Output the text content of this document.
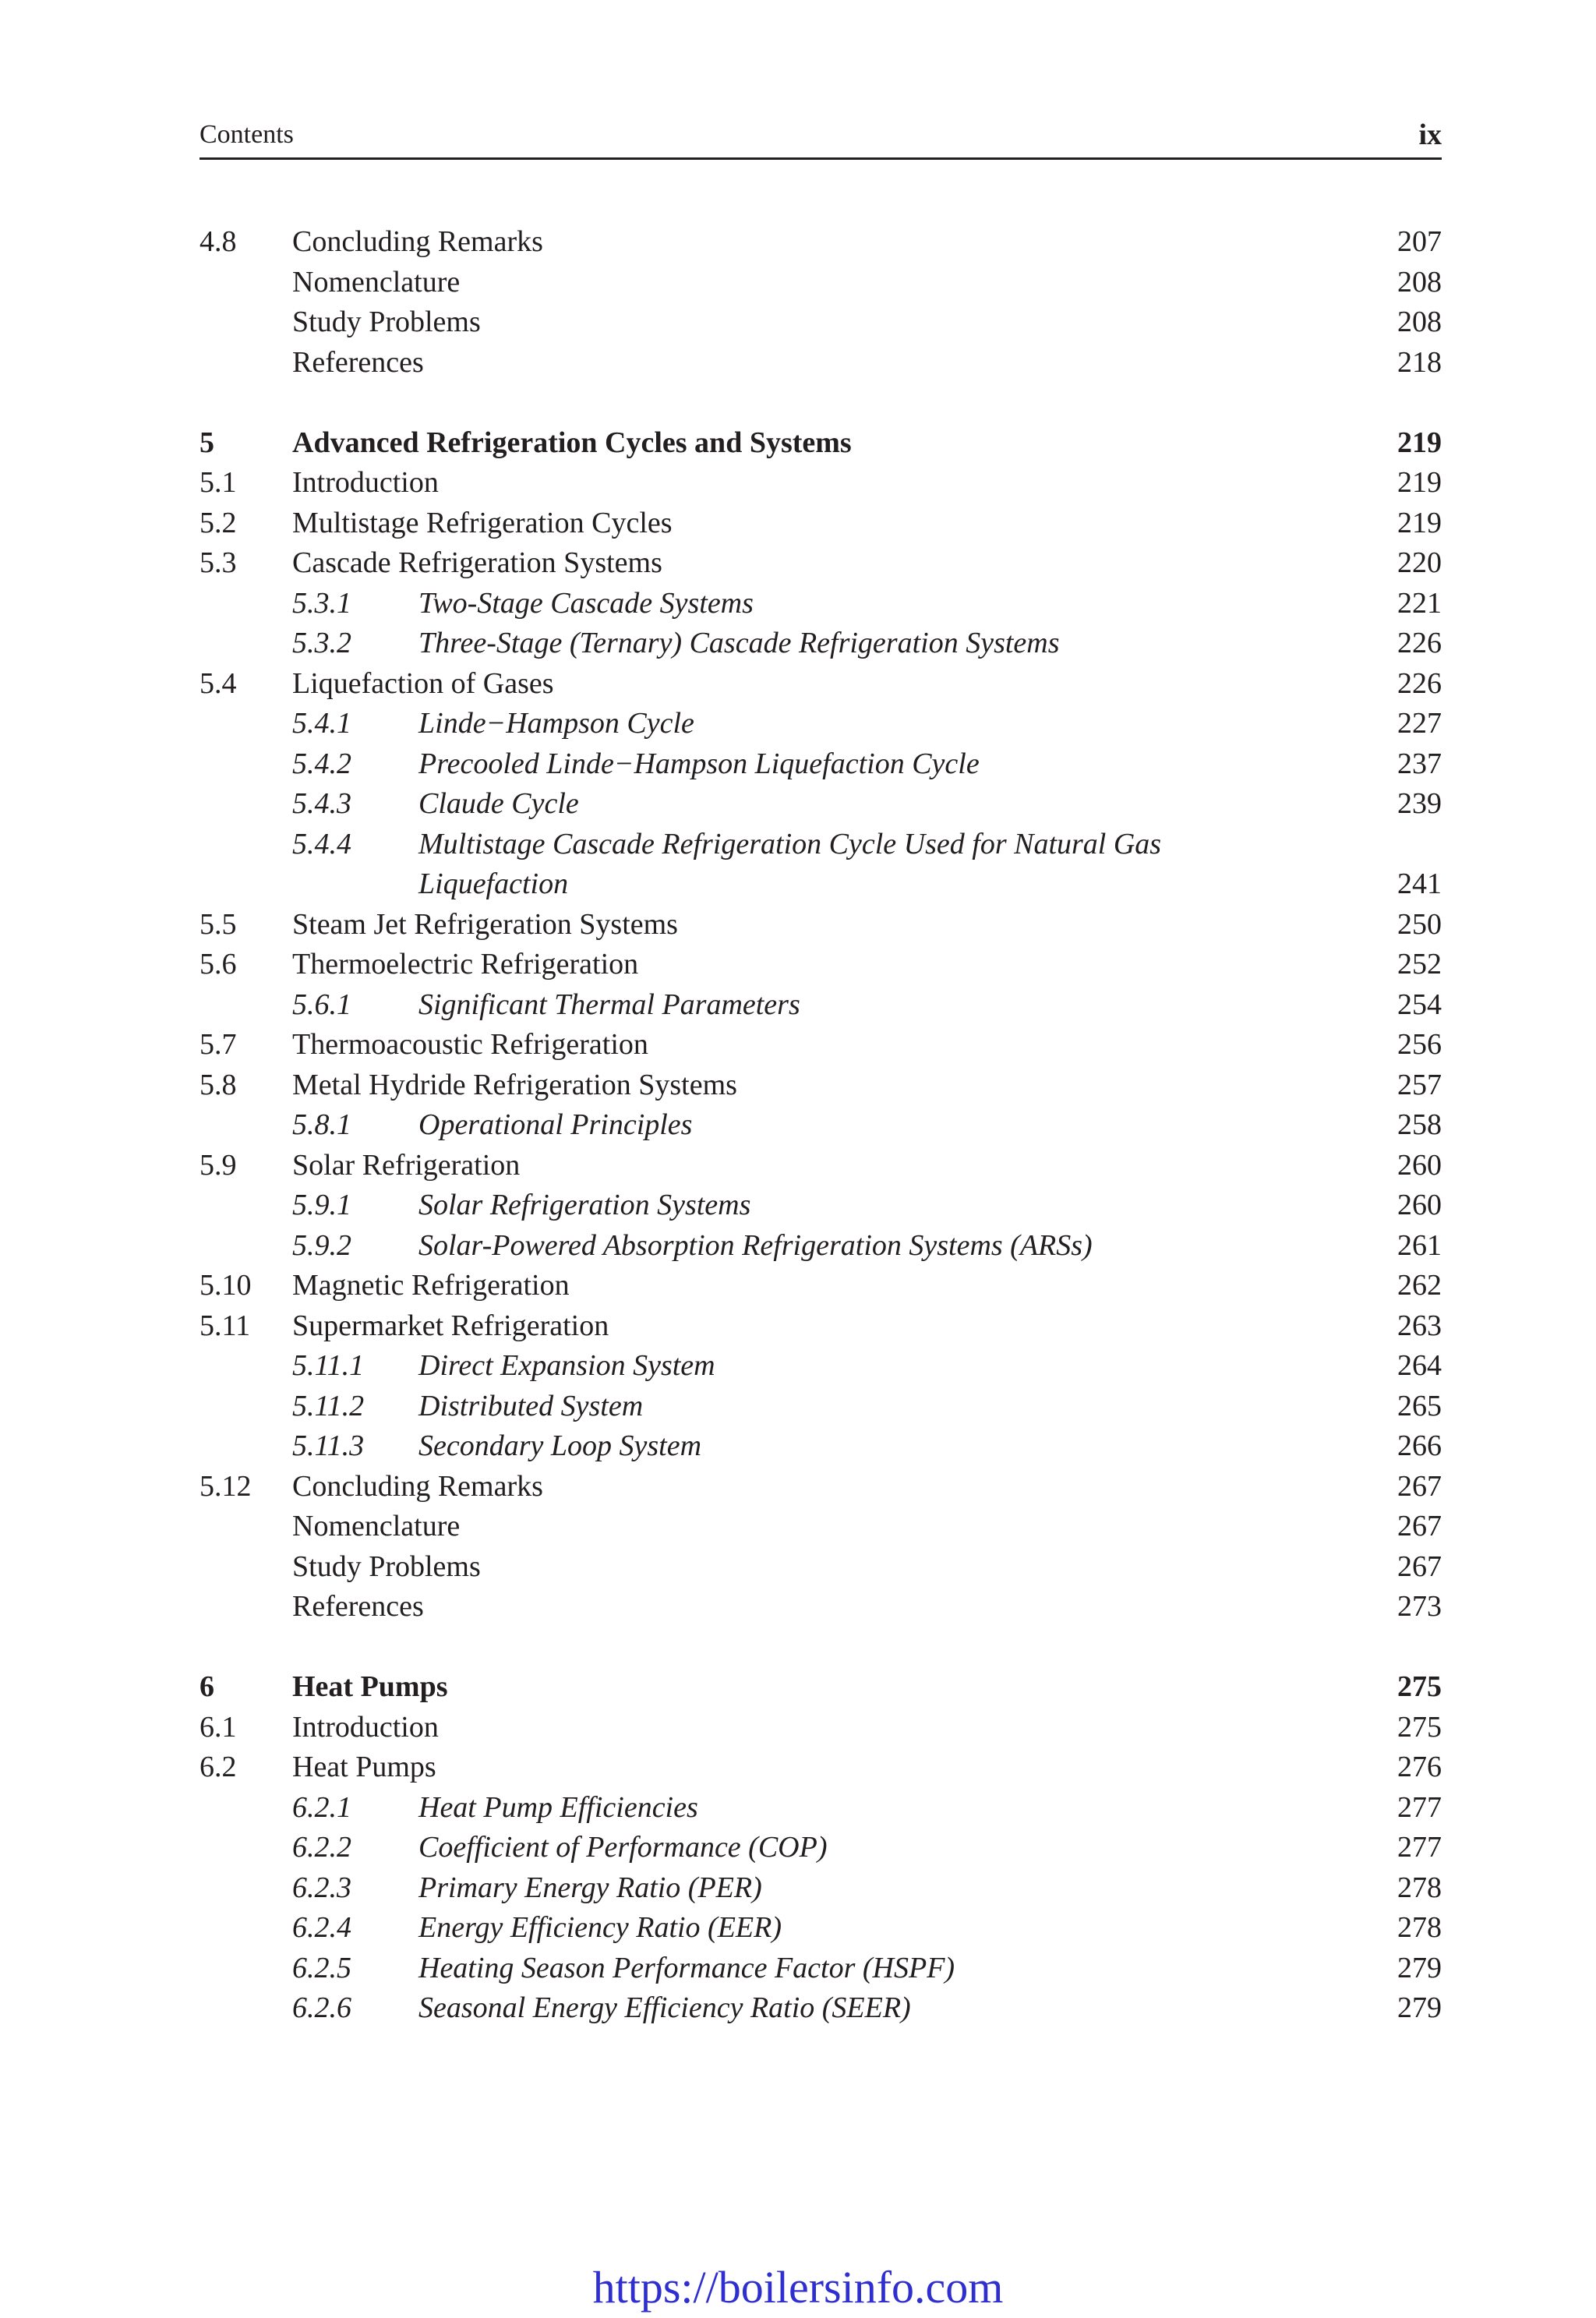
Contents	ix
4.8 Concluding Remarks	207
Nomenclature	208
Study Problems	208
References	218
5	Advanced Refrigeration Cycles and Systems	219
5.1 Introduction	219
5.2 Multistage Refrigeration Cycles	219
5.3 Cascade Refrigeration Systems	220
5.3.1 Two-Stage Cascade Systems	221
5.3.2 Three-Stage (Ternary) Cascade Refrigeration Systems	226
5.4 Liquefaction of Gases	226
5.4.1 Linde−Hampson Cycle	227
5.4.2 Precooled Linde−Hampson Liquefaction Cycle	237
5.4.3 Claude Cycle	239
5.4.4 Multistage Cascade Refrigeration Cycle Used for Natural Gas
Liquefaction	241
5.5 Steam Jet Refrigeration Systems	250
5.6 Thermoelectric Refrigeration	252
5.6.1 Significant Thermal Parameters	254
5.7 Thermoacoustic Refrigeration	256
5.8 Metal Hydride Refrigeration Systems	257
5.8.1 Operational Principles	258
5.9 Solar Refrigeration	260
5.9.1 Solar Refrigeration Systems	260
5.9.2 Solar-Powered Absorption Refrigeration Systems (ARSs)	261
5.10 Magnetic Refrigeration	262
5.11 Supermarket Refrigeration	263
5.11.1 Direct Expansion System	264
5.11.2 Distributed System	265
5.11.3 Secondary Loop System	266
5.12 Concluding Remarks	267
Nomenclature	267
Study Problems	267
References	273
6	Heat Pumps	275
6.1 Introduction	275
6.2 Heat Pumps	276
6.2.1 Heat Pump Efficiencies	277
6.2.2 Coefficient of Performance (COP)	277
6.2.3 Primary Energy Ratio (PER)	278
6.2.4 Energy Efficiency Ratio (EER)	278
6.2.5 Heating Season Performance Factor (HSPF)	279
6.2.6 Seasonal Energy Efficiency Ratio (SEER)	279
https://boilersinfo.com
